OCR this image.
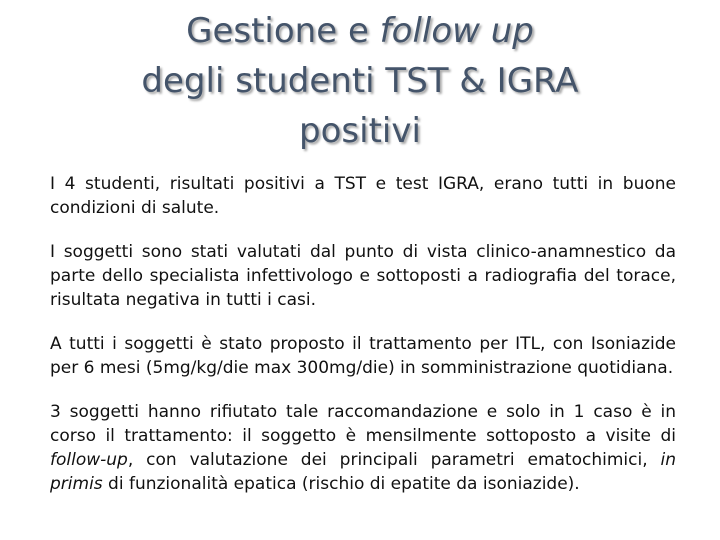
Gestione e follow up
degli studenti TST & IGRA
positivi

I 4 studenti, risultati positivi a TST e test IGRA, erano tutti in buone condizioni di salute.

I soggetti sono stati valutati dal punto di vista clinico-anamnestico da parte dello specialista infettivologo e sottoposti a radiografia del torace, risultata negativa in tutti i casi.

A tutti i soggetti è stato proposto il trattamento per ITL, con Isoniazide per 6 mesi (5mg/kg/die max 300mg/die) in somministrazione quotidiana.

3 soggetti hanno rifiutato tale raccomandazione e solo in 1 caso è in corso il trattamento: il soggetto è mensilmente sottoposto a visite di follow-up, con valutazione dei principali parametri ematochimici, in primis di funzionalità epatica (rischio di epatite da isoniazide).
